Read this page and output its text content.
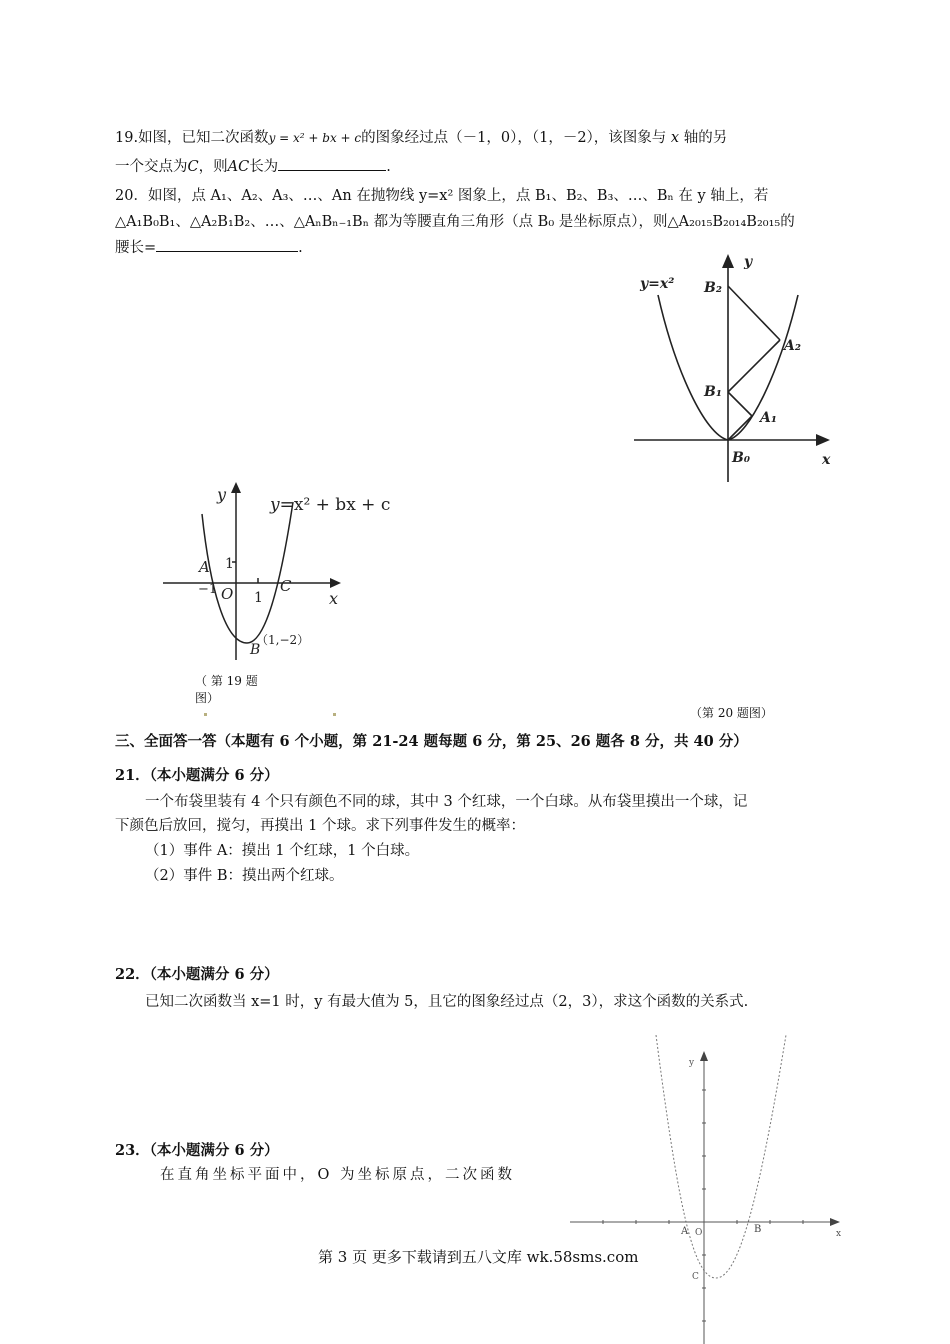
19.如图，已知二次函数y = x² + bx + c的图象经过点（－1，0），（1，－2），该图象与 x 轴的另
一个交点为C，则AC长为	.
20．如图，点 A₁、A₂、A₃、…、An 在抛物线 y=x² 图象上，点 B₁、B₂、B₃、…、Bₙ 在 y 轴上，若
△A₁B₀B₁、△A₂B₁B₂、…、△AₙBₙ₋₁Bₙ 都为等腰直角三角形（点 B₀ 是坐标原点），则△A₂₀₁₅B₂₀₁₄B₂₀₁₅的
腰长=	.
y=x²
y
x
B₂
A₂
B₁
A₁
B₀
y=x² + bx + c
y
x
A 1
−1 O 1
C
B
（1,−2）
（ 第 19 题
图）
（第 20 题图）
三、全面答一答（本题有 6 个小题，第 21-24 题每题 6 分，第 25、26 题各 8 分，共 40 分）
21．（本小题满分 6 分）
一个布袋里装有 4 个只有颜色不同的球，其中 3 个红球，一个白球。从布袋里摸出一个球，记
下颜色后放回，搅匀，再摸出 1 个球。求下列事件发生的概率：
（1）事件 A：摸出 1 个红球，1 个白球。
（2）事件 B：摸出两个红球。
22．（本小题满分 6 分）
已知二次函数当 x=1 时，y 有最大值为 5，且它的图象经过点（2，3），求这个函数的关系式.
23．（本小题满分 6 分）
在直角坐标平面中，O 为坐标原点，二次函数
y
x
A O	B
C
第 3 页 更多下载请到五八文库 wk.58sms.com
